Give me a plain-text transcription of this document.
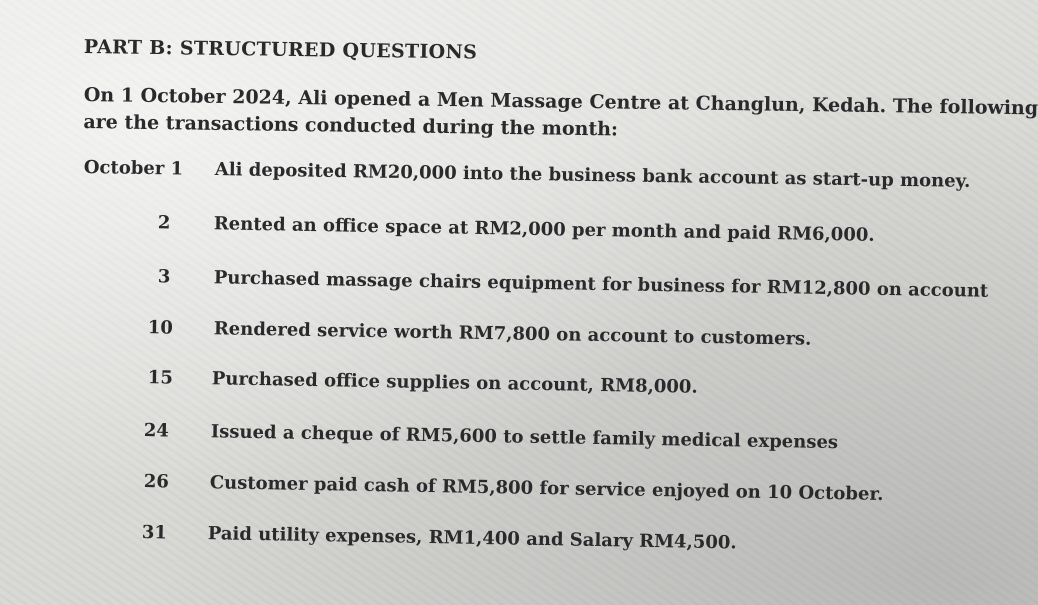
PART B: STRUCTURED QUESTIONS
On 1 October 2024, Ali opened a Men Massage Centre at Changlun, Kedah. The following
are the transactions conducted during the month:
October 1 Ali deposited RM20,000 into the business bank account as start-up money.
2 Rented an office space at RM2,000 per month and paid RM6,000.
3 Purchased massage chairs equipment for business for RM12,800 on account
10 Rendered service worth RM7,800 on account to customers.
15 Purchased office supplies on account, RM8,000.
24 Issued a cheque of RM5,600 to settle family medical expenses
26 Customer paid cash of RM5,800 for service enjoyed on 10 October.
31 Paid utility expenses, RM1,400 and Salary RM4,500.
